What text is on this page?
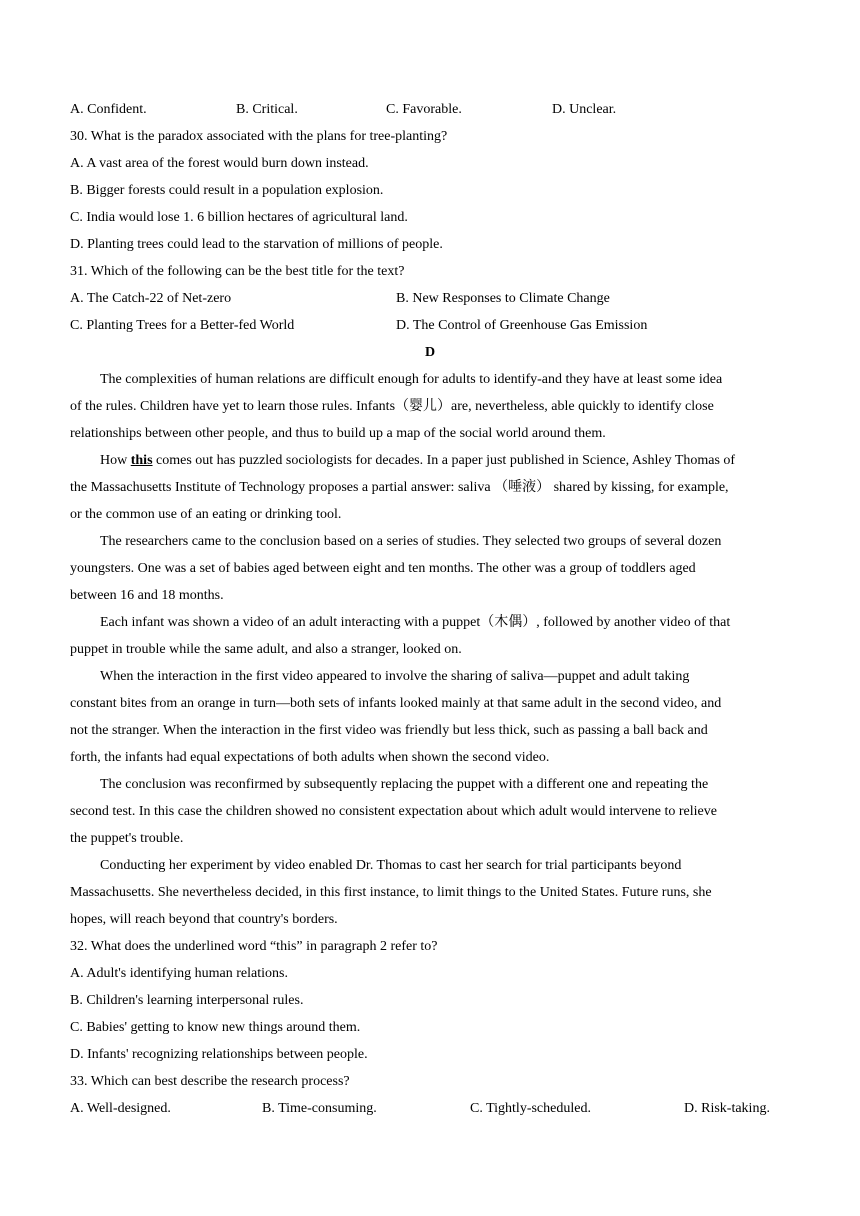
A. Confident.	B. Critical.	C. Favorable.	D. Unclear.
30. What is the paradox associated with the plans for tree-planting?
A. A vast area of the forest would burn down instead.
B. Bigger forests could result in a population explosion.
C. India would lose 1. 6 billion hectares of agricultural land.
D. Planting trees could lead to the starvation of millions of people.
31. Which of the following can be the best title for the text?
A. The Catch-22 of Net-zero	B. New Responses to Climate Change
C. Planting Trees for a Better-fed World	D. The Control of Greenhouse Gas Emission
D
The complexities of human relations are difficult enough for adults to identify-and they have at least some idea
of the rules. Children have yet to learn those rules. Infants（婴儿）are, nevertheless, able quickly to identify close
relationships between other people, and thus to build up a map of the social world around them.
How this comes out has puzzled sociologists for decades. In a paper just published in Science, Ashley Thomas of
the Massachusetts Institute of Technology proposes a partial answer: saliva （唾液） shared by kissing, for example,
or the common use of an eating or drinking tool.
The researchers came to the conclusion based on a series of studies. They selected two groups of several dozen
youngsters. One was a set of babies aged between eight and ten months. The other was a group of toddlers aged
between 16 and 18 months.
Each infant was shown a video of an adult interacting with a puppet（木偶）, followed by another video of that
puppet in trouble while the same adult, and also a stranger, looked on.
When the interaction in the first video appeared to involve the sharing of saliva—puppet and adult taking
constant bites from an orange in turn—both sets of infants looked mainly at that same adult in the second video, and
not the stranger. When the interaction in the first video was friendly but less thick, such as passing a ball back and
forth, the infants had equal expectations of both adults when shown the second video.
The conclusion was reconfirmed by subsequently replacing the puppet with a different one and repeating the
second test. In this case the children showed no consistent expectation about which adult would intervene to relieve
the puppet's trouble.
Conducting her experiment by video enabled Dr. Thomas to cast her search for trial participants beyond
Massachusetts. She nevertheless decided, in this first instance, to limit things to the United States. Future runs, she
hopes, will reach beyond that country's borders.
32. What does the underlined word “this” in paragraph 2 refer to?
A. Adult's identifying human relations.
B. Children's learning interpersonal rules.
C. Babies' getting to know new things around them.
D. Infants' recognizing relationships between people.
33. Which can best describe the research process?
A. Well-designed.	B. Time-consuming.	C. Tightly-scheduled.	D. Risk-taking.
